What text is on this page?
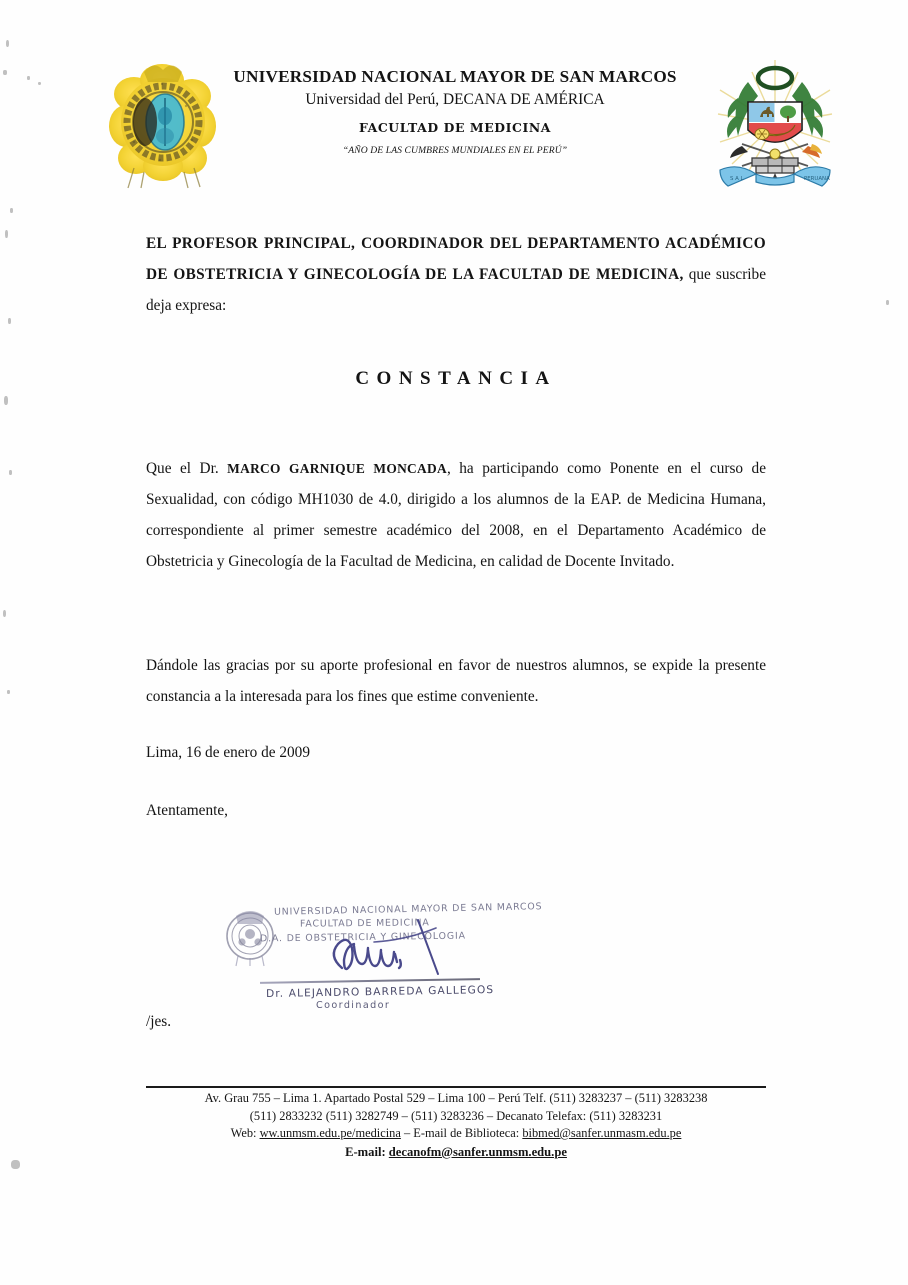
UNIVERSIDAD NACIONAL MAYOR DE SAN MARCOS
Universidad del Perú, DECANA DE AMÉRICA
FACULTAD DE MEDICINA
“AÑO DE LAS CUMBRES MUNDIALES EN EL PERÚ”
S A L	PERUANA
EL PROFESOR PRINCIPAL, COORDINADOR DEL DEPARTAMENTO ACADÉMICO DE OBSTETRICIA Y GINECOLOGÍA DE LA FACULTAD DE MEDICINA, que suscribe deja expresa:
CONSTANCIA
Que el Dr. MARCO GARNIQUE MONCADA, ha participando como Ponente en el curso de Sexualidad, con código MH1030 de 4.0, dirigido a los alumnos de la EAP. de Medicina Humana, correspondiente al primer semestre académico del 2008, en el Departamento Académico de Obstetricia y Ginecología de la Facultad de Medicina, en calidad de Docente Invitado.
Dándole las gracias por su aporte profesional en favor de nuestros alumnos, se expide la presente constancia a la interesada para los fines que estime conveniente.
Lima, 16 de enero de 2009
Atentamente,
UNIVERSIDAD NACIONAL MAYOR DE SAN MARCOS
FACULTAD DE MEDICINA
D.A. DE OBSTETRICIA Y GINECOLOGIA
Dr. ALEJANDRO BARREDA GALLEGOS
Coordinador
/jes.
Av. Grau 755 – Lima 1. Apartado Postal 529 – Lima 100 – Perú Telf. (511) 3283237 – (511) 3283238
(511) 2833232 (511) 3282749 – (511) 3283236 – Decanato Telefax: (511) 3283231
Web: ww.unmsm.edu.pe/medicina – E-mail de Biblioteca: bibmed@sanfer.unmasm.edu.pe
E-mail: decanofm@sanfer.unmsm.edu.pe
